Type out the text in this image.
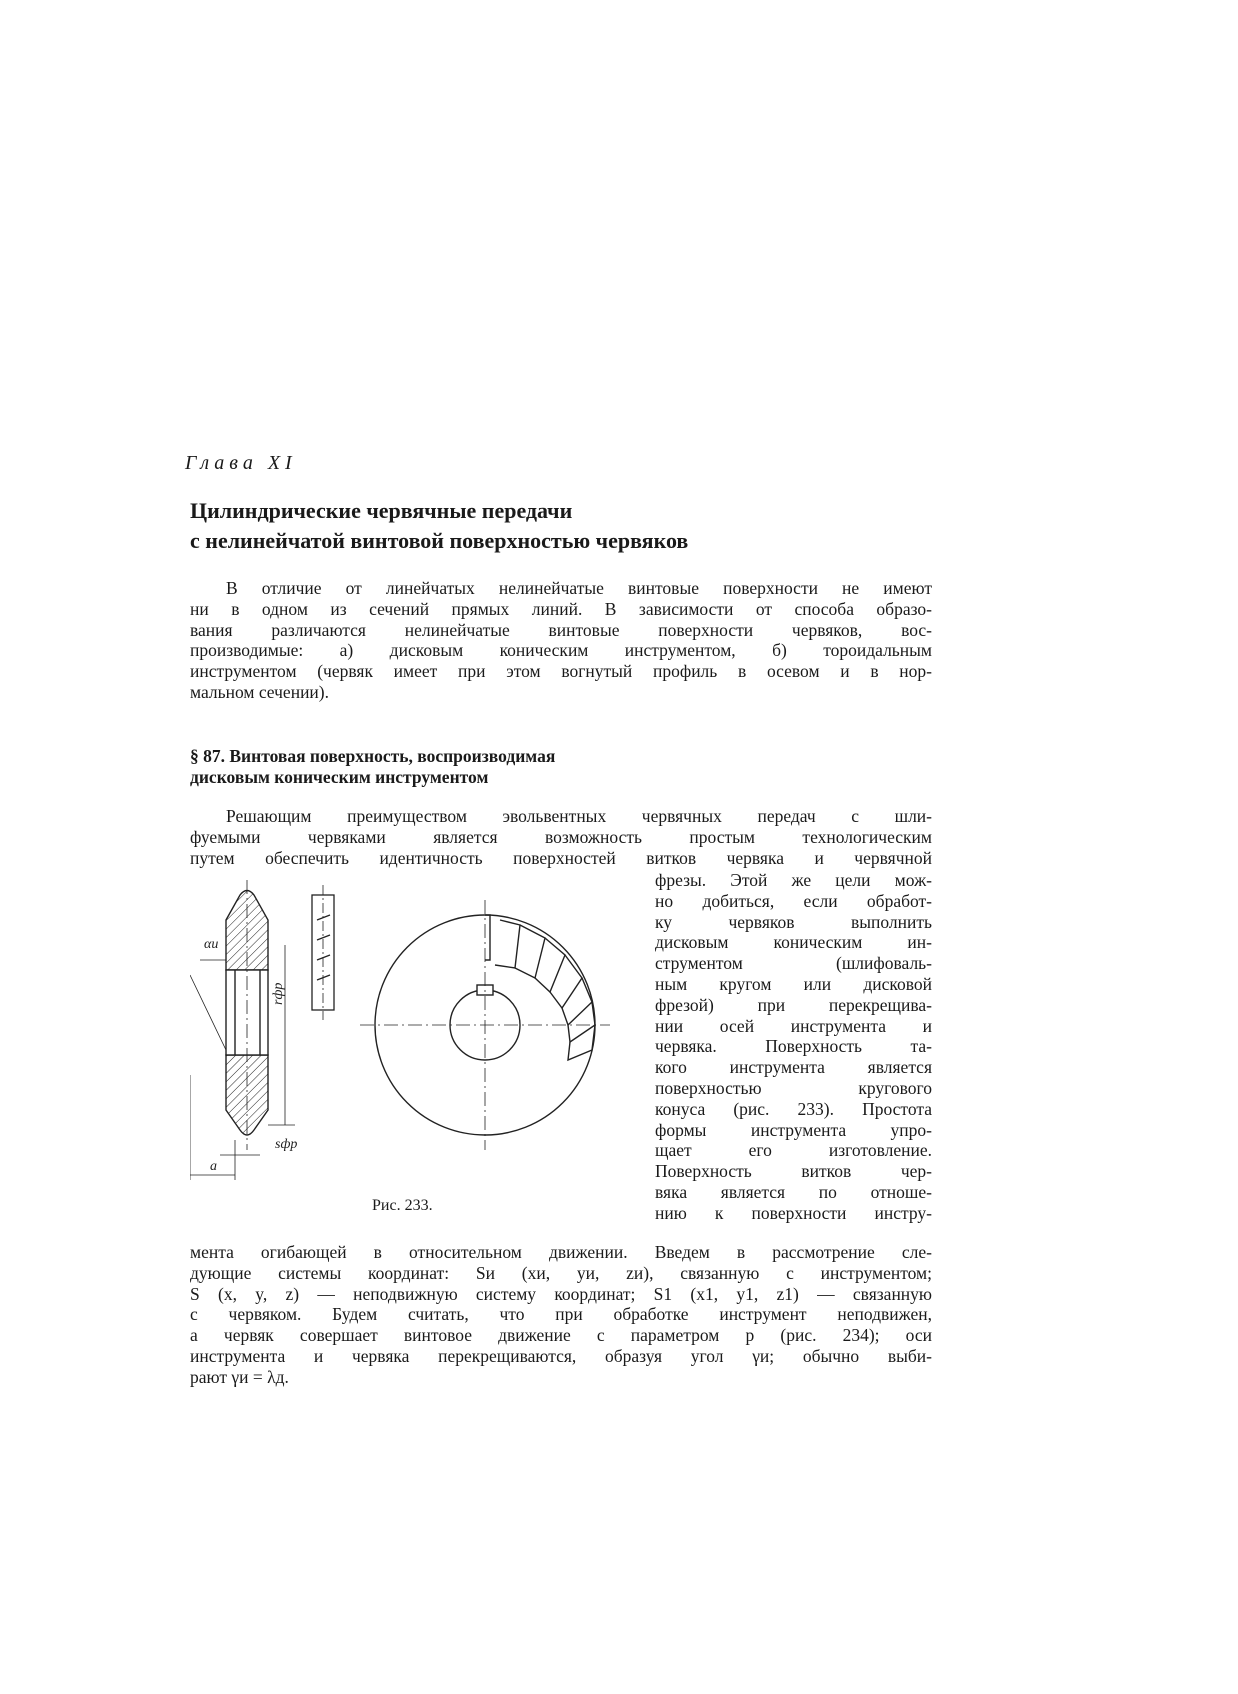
Глава XI
Цилиндрические червячные передачи
с нелинейчатой винтовой поверхностью червяков
В отличие от линейчатых нелинейчатые винтовые поверхности не имеют
ни в одном из сечений прямых линий. В зависимости от способа образо-
вания различаются нелинейчатые винтовые поверхности червяков, вос-
производимые: а) дисковым коническим инструментом, б) тороидальным
инструментом (червяк имеет при этом вогнутый профиль в осевом и в нор-
мальном сечении).
§ 87. Винтовая поверхность, воспроизводимая
дисковым коническим инструментом
Решающим преимуществом эвольвентных червячных передач с шли-
фуемыми червяками является возможность простым технологическим
путем обеспечить идентичность поверхностей витков червяка и червячной
фрезы. Этой же цели мож-
но добиться, если обработ-
ку червяков выполнить
дисковым коническим ин-
струментом (шлифоваль-
ным кругом или дисковой
фрезой) при перекрещива-
нии осей инструмента и
червяка. Поверхность та-
кого инструмента является
поверхностью кругового
конуса (рис. 233). Простота
формы инструмента упро-
щает его изготовление.
Поверхность витков чер-
вяка является по отноше-
нию к поверхности инстру-
мента огибающей в относительном движении. Введем в рассмотрение сле-
дующие системы координат: Sи (xи, yи, zи), связанную с инструментом;
S (x, y, z) — неподвижную систему координат; S1 (x1, y1, z1) — связанную
с червяком. Будем считать, что при обработке инструмент неподвижен,
а червяк совершает винтовое движение с параметром p (рис. 234); оси
инструмента и червяка перекрещиваются, образуя угол γи; обычно выби-
рают γи = λд.
αи
rфр
sфр
a
Рис. 233.
